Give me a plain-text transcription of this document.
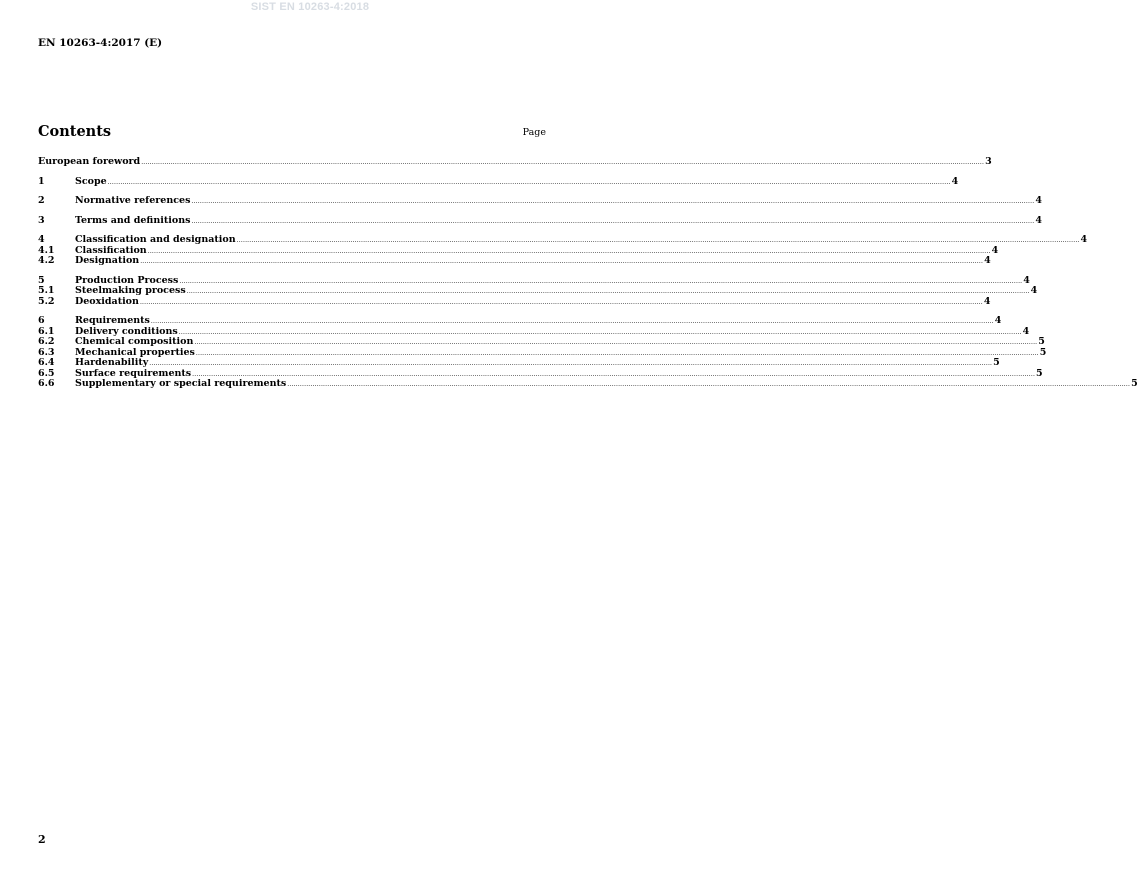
SIST EN 10263-4:2018
EN 10263-4:2017 (E)
Contents	Page
European foreword ................................................................................................................................................................................................................................................................................................................................................................................................................ 3
1	Scope ................................................................................................................................................................................................................................................................................................................................................................................................................ 4
2	Normative references ................................................................................................................................................................................................................................................................................................................................................................................................................ 4
3	Terms and definitions ................................................................................................................................................................................................................................................................................................................................................................................................................ 4
4	Classification and designation ................................................................................................................................................................................................................................................................................................................................................................................................................ 4
4.1	Classification ................................................................................................................................................................................................................................................................................................................................................................................................................ 4
4.2	Designation ................................................................................................................................................................................................................................................................................................................................................................................................................ 4
5	Production Process ................................................................................................................................................................................................................................................................................................................................................................................................................ 4
5.1	Steelmaking process ................................................................................................................................................................................................................................................................................................................................................................................................................ 4
5.2	Deoxidation ................................................................................................................................................................................................................................................................................................................................................................................................................ 4
6	Requirements ................................................................................................................................................................................................................................................................................................................................................................................................................ 4
6.1	Delivery conditions ................................................................................................................................................................................................................................................................................................................................................................................................................ 4
6.2	Chemical composition ................................................................................................................................................................................................................................................................................................................................................................................................................ 5
6.3	Mechanical properties ................................................................................................................................................................................................................................................................................................................................................................................................................ 5
6.4	Hardenability ................................................................................................................................................................................................................................................................................................................................................................................................................ 5
6.5	Surface requirements ................................................................................................................................................................................................................................................................................................................................................................................................................ 5
6.6	Supplementary or special requirements ................................................................................................................................................................................................................................................................................................................................................................................................................ 5
2
